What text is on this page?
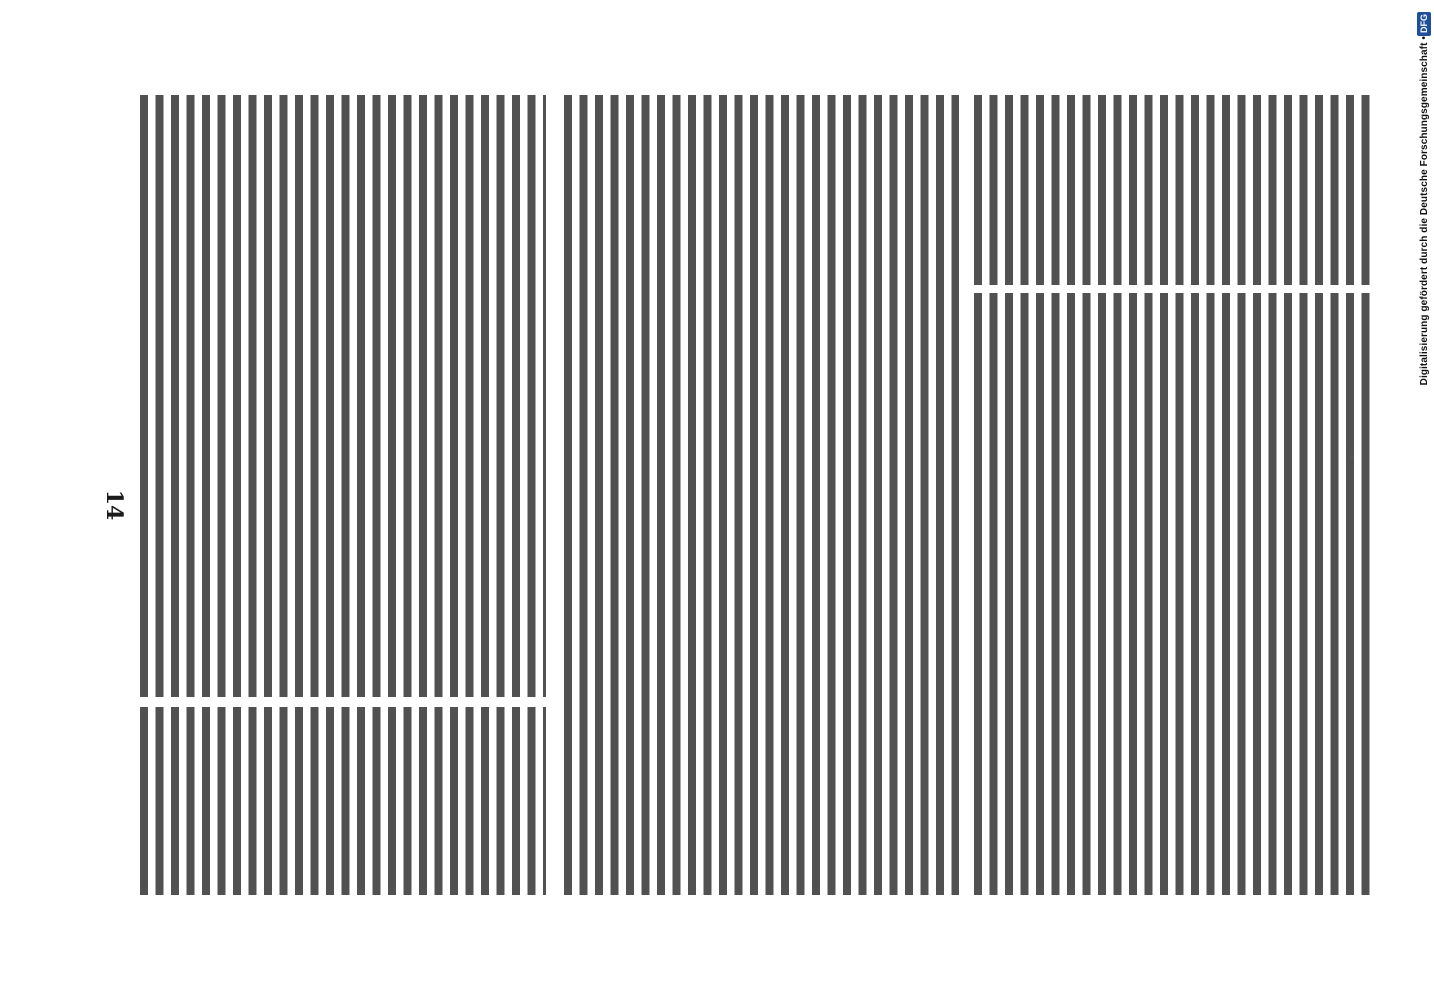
14
DFG
Digitalisierung gefördert durch die Deutsche Forschungsgemeinschaft •
